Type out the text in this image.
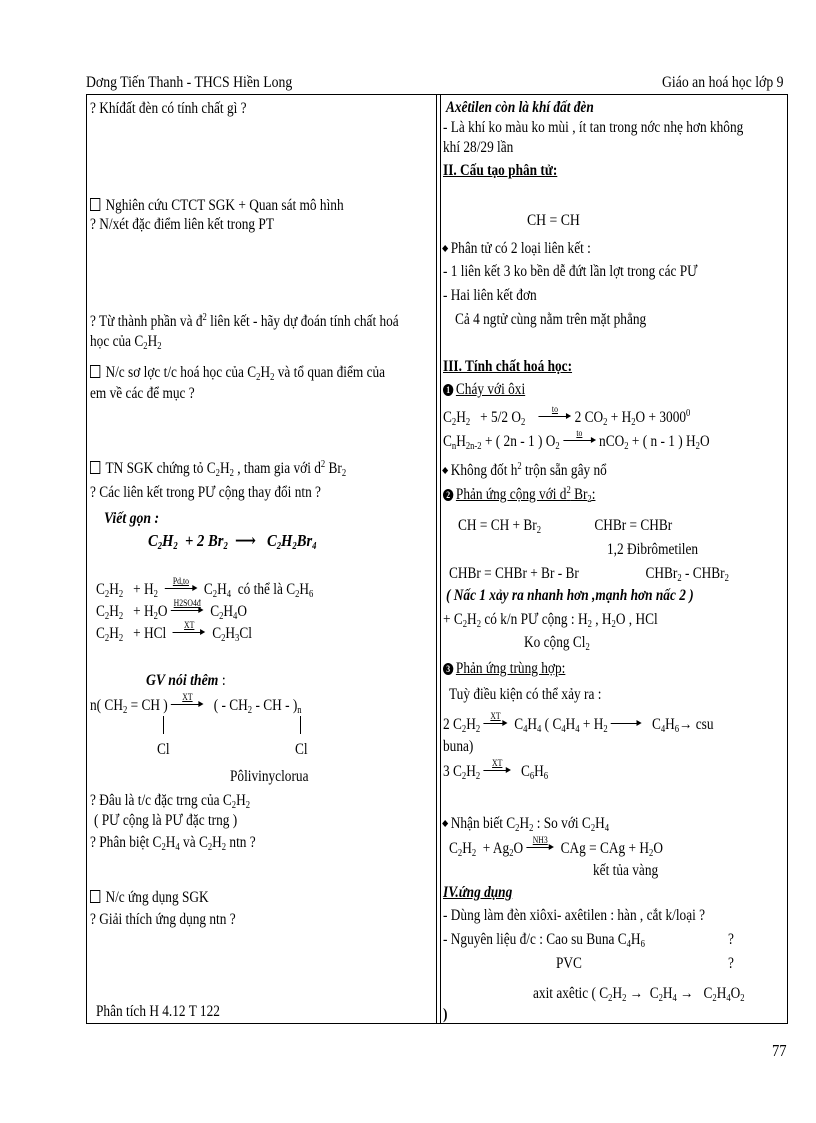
Dơng Tiến Thanh - THCS Hiền Long	Giáo an hoá học lớp 9
? Khíđất đèn có tính chất gì ?
Nghiên cứu CTCT SGK + Quan sát mô hình
? N/xét đặc điểm liên kết trong PT
? Từ thành phần và $đ^2$ liên kết - hãy dự đoán tính chất hoá
học của $C_2H_2$
N/c sơ lợc t/c hoá học của $C_2H_2$ và tổ quan điểm của
em về các để mục ?
TN SGK chứng tỏ $C_2H_2$ , tham gia với $d^2$ $Br_2$
? Các liên kết trong PƯ cộng thay đổi ntn ?
Viết gọn :
$C_2H_2 + 2$ $Br_2$  ⟶   $C_2H_2Br_4$
$C_2H_2 + H_2$
Pd,to $C_2H_4$ có thể là $C_2H_6$
$C_2H_2 + H_2O$ H2SO4đ $C_2H_4O$
$C_2H_2$   + HCl	XT $C_2H_3Cl$
GV nói thêm :
n( $CH_2$ = CH )	XT	( - $CH_2$ - CH - )$_n$
Cl	Cl
Pôlivinyclorua
? Đâu là t/c đặc trng của $C_2H_2$
( PƯ cộng là PƯ đặc trng )
? Phân biệt $C_2H_4$ và $C_2H_2$ ntn ?
N/c ứng dụng SGK
? Giải thích ứng dụng ntn ?
Phân tích H 4.12 T 122
Axêtilen còn là khí đất đèn
- Là khí ko màu ko mùi , ít tan trong nớc nhẹ hơn không
khí 28/29 lần
II. Cấu tạo phân tử:
CH = CH
Phân tử có 2 loại liên kết :
- 1 liên kết 3 ko bền dễ đứt lần lợt trong các PƯ
- Hai liên kết đơn
Cả 4 ngtử cùng nằm trên mặt phẳng
III. Tính chất hoá học:
1 Cháy với ôxi
$C_2H_2 + 5/2$ $O_2$
to	2 $CO_2 + H_2O + 3000^0$
$C_nH_{2n-2}$ + ( 2n - 1 ) $O_2$
to	nCO$_2$ + ( n - 1 ) $H_2O$
Không đốt $h^2$ trộn sẵn gây nổ
2 Phản ứng cộng với $d^2$ $Br_2$:
CH = CH + $Br_2$	CHBr = CHBr
1,2 Đibrômetilen
CHBr = CHBr + Br - Br	CHBr$_2$ - CHBr$_2$
( Nấc 1 xảy ra nhanh hơn ,mạnh hơn nấc 2 )
+ $C_2H_2$ có k/n PƯ cộng : $H_2$ , $H_2O$ , HCl
Ko cộng $Cl_2$
3 Phản ứng trùng hợp:
Tuỳ điều kiện có thể xảy ra :
2 $C_2H_2$
XT $C_4H_4$ ( $C_4H_4 + H_2$	$C_4H_6\to$ csu
buna)
3 $C_2H_2$
XT	$C_6H_6$
Nhận biết $C_2H_2$ : So với $C_2H_4$
$C_2H_2 + Ag_2O$	NH3 CAg = CAg + $H_2O$
kết tủa vàng
IV.ứng dụng
- Dùng làm đèn xiôxi- axêtilen : hàn , cắt k/loại ?
- Nguyên liệu đ/c : Cao su Buna $C_4H_6$	?
PVC	?
axit axêtic ( $C_2H_2 \to C_2H_4 \to C_2H_4O_2$
)
77
